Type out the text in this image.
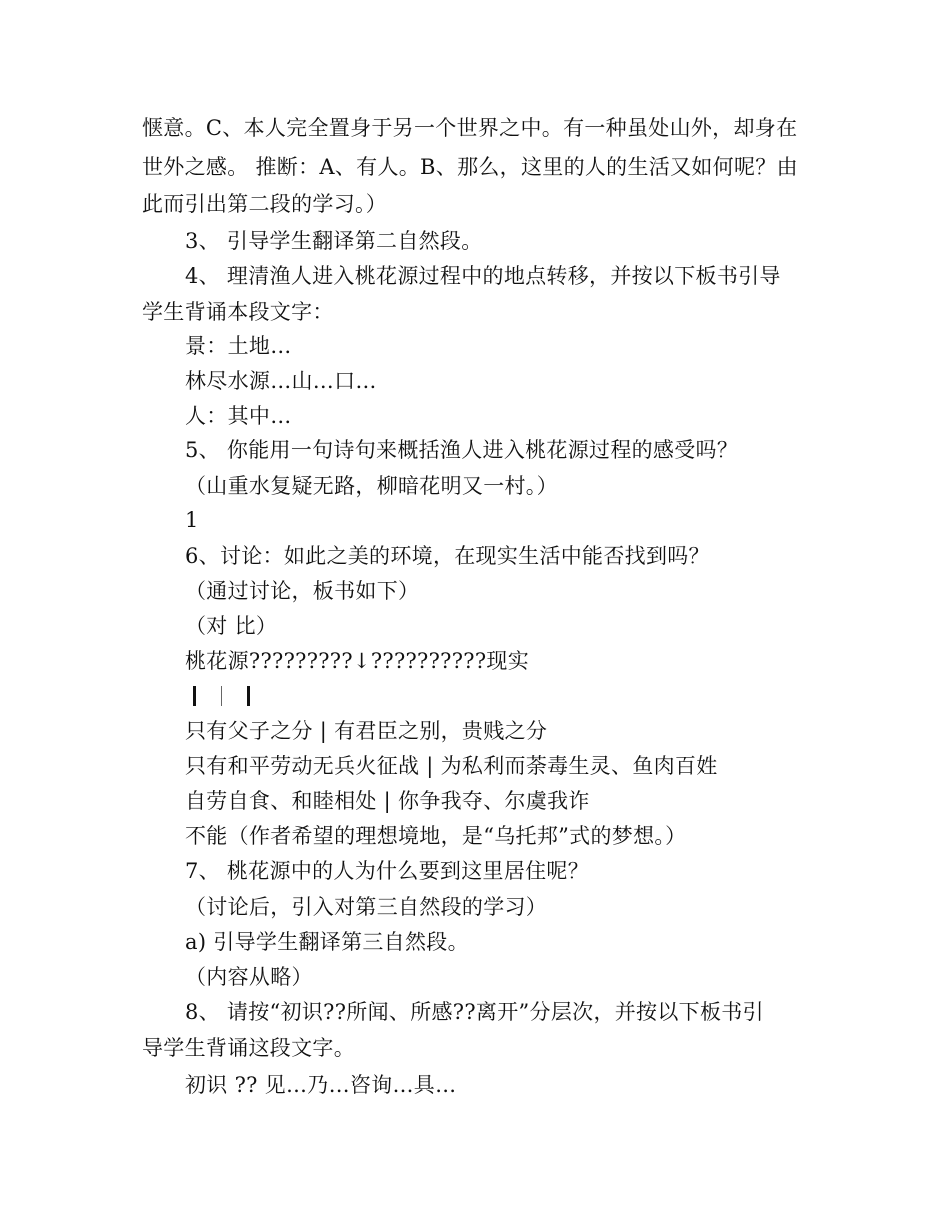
惬意。C、本人完全置身于另一个世界之中。有一种虽处山外，却身在
世外之感。 推断：A、有人。B、那么，这里的人的生活又如何呢？由
此而引出第二段的学习。）
3、 引导学生翻译第二自然段。
4、 理清渔人进入桃花源过程中的地点转移，并按以下板书引导
学生背诵本段文字：
景：土地…
林尽水源…山…口…
人：其中…
5、 你能用一句诗句来概括渔人进入桃花源过程的感受吗？
（山重水复疑无路，柳暗花明又一村。）
1
6、讨论：如此之美的环境，在现实生活中能否找到吗？
（通过讨论，板书如下）
（对 比）
桃花源?????????↓??????????现实
只有父子之分 | 有君臣之别，贵贱之分
只有和平劳动无兵火征战 | 为私利而荼毒生灵、鱼肉百姓
自劳自食、和睦相处 | 你争我夺、尔虞我诈
不能（作者希望的理想境地，是“乌托邦”式的梦想。）
7、 桃花源中的人为什么要到这里居住呢？
（讨论后，引入对第三自然段的学习）
a) 引导学生翻译第三自然段。
（内容从略）
8、 请按“初识??所闻、所感??离开”分层次，并按以下板书引
导学生背诵这段文字。
初识 ?? 见…乃…咨询…具…
